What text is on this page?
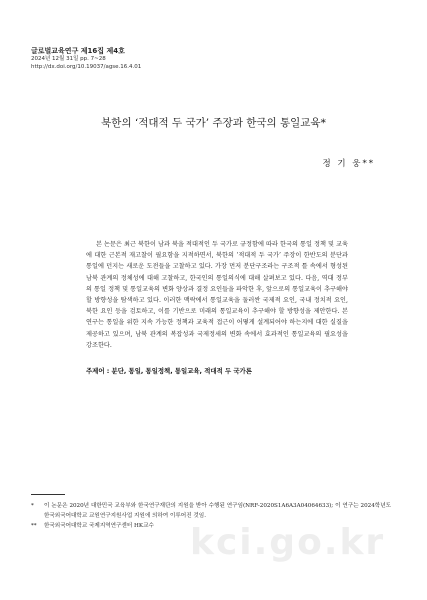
글로벌교육연구 제16집 제4호
2024년 12월 31일 pp. 7~28
http://dx.doi.org/10.19037/agse.16.4.01
북한의 ‘적대적 두 국가’ 주장과 한국의 통일교육*
정 기 웅**

본 논문은 최근 북한이 남과 북을 적대적인 두 국가로 규정함에 따라 한국의 통일 정책 및 교육에 대한 근본적 재고찰이 필요함을 지적하면서, 북한의 ‘적대적 두 국가’ 주장이 한반도의 분단과 통일에 던지는 새로운 도전들을 고찰하고 있다. 가장 먼저 분단구조라는 구조적 틀 속에서 형성된 남북 관계의 정체성에 대해 고찰하고, 한국인의 통일의식에 대해 살펴보고 있다. 다음, 역대 정부의 통일 정책 및 통일교육의 변화 양상과 결정 요인들을 파악한 후, 앞으로의 통일교육이 추구해야 할 방향성을 탐색하고 있다. 이러한 맥락에서 통일교육을 둘러싼 국제적 요인, 국내 정치적 요인, 북한 요인 등을 검토하고, 이를 기반으로 미래의 통일교육이 추구해야 할 방향성을 제안한다. 본 연구는 통일을 위한 지속 가능한 정책과 교육적 접근이 어떻게 설계되어야 하는지에 대한 실질을 제공하고 있으며, 남북 관계의 복잡성과 국제정세의 변화 속에서 효과적인 통일교육의 필요성을 강조한다.

주제어 : 분단, 통일, 통일정책, 통일교육, 적대적 두 국가론
*	이 논문은 2020년 대한민국 교육부와 한국연구재단의 지원을 받아 수행된 연구임(NRF-2020S1A6A3A04064633); 이 연구는 2024학년도 한국외국어대학교 교원연구지원사업 지원에 의하여 이루어진 것임.
**	한국외국어대학교 국제지역연구센터 HK교수	kci.go.kr
